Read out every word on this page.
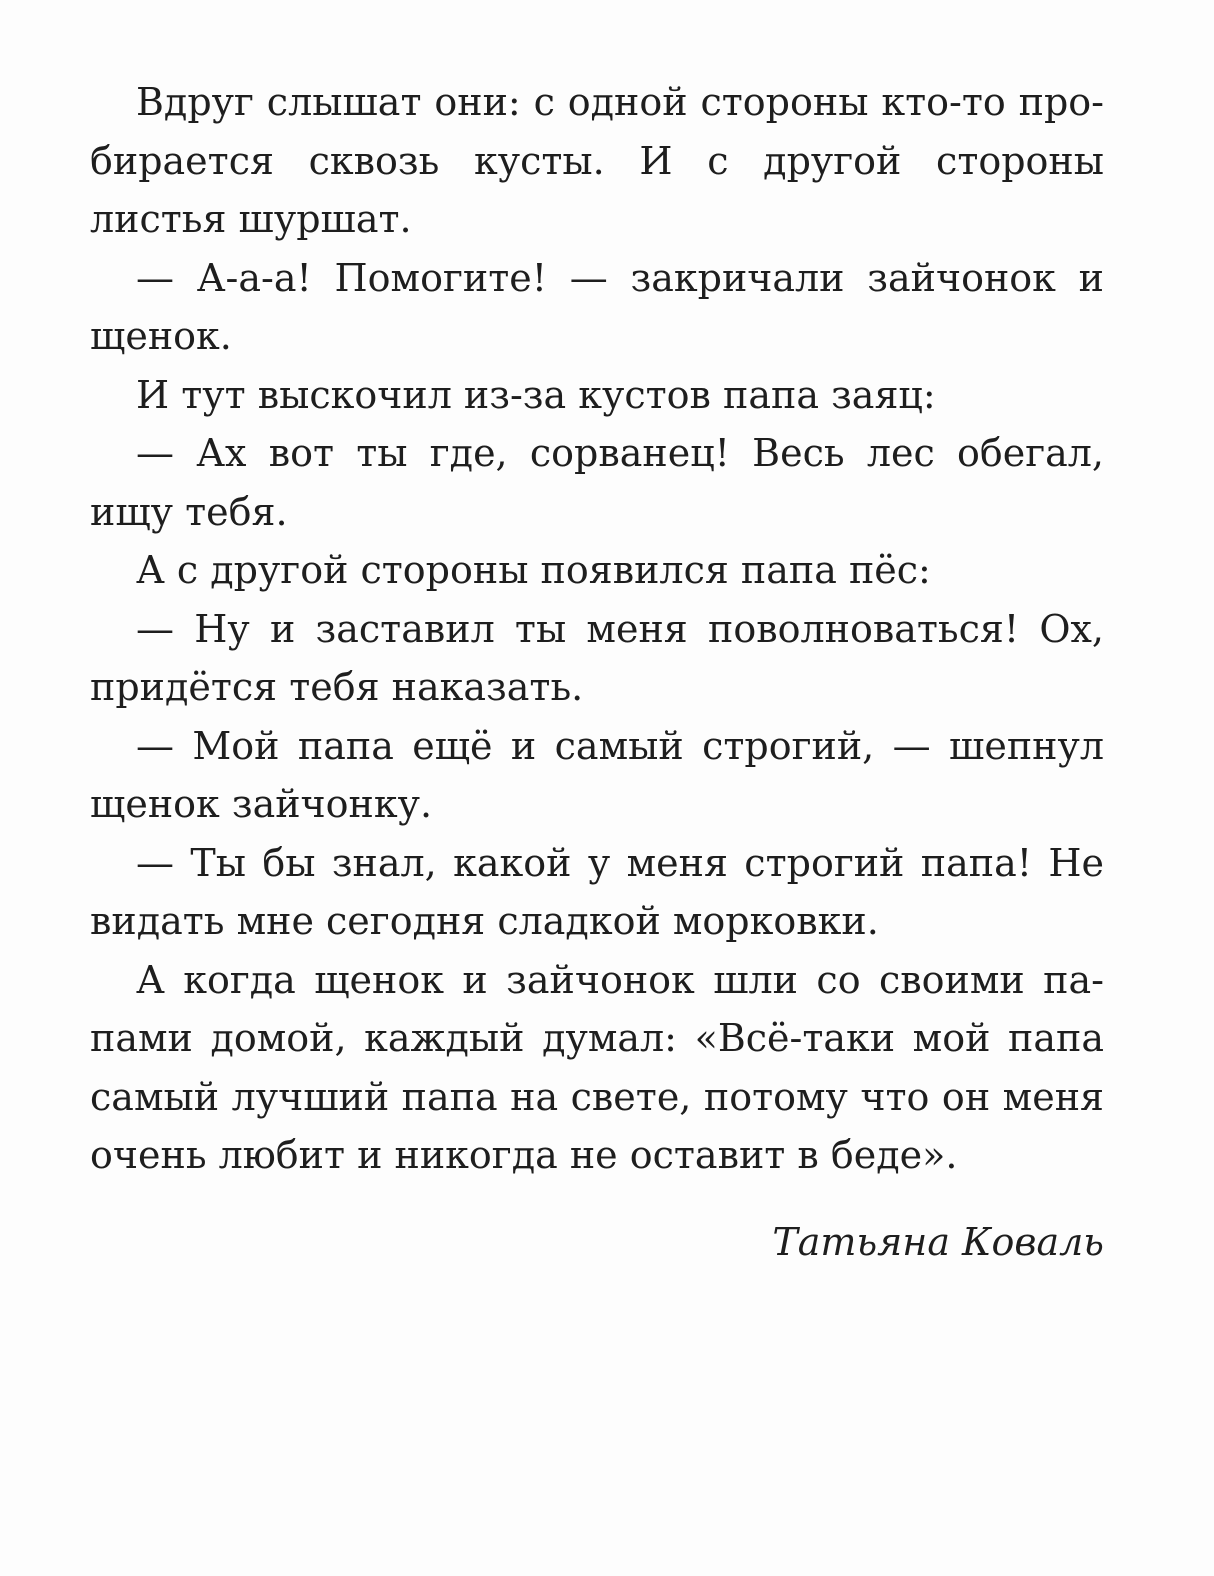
Вдруг слышат они: с одной стороны кто-то пробирается сквозь кусты. И с другой стороны листья шуршат.

— А-а-а! Помогите! — закричали зайчонок и щенок.

И тут выскочил из-за кустов папа заяц:

— Ах вот ты где, сорванец! Весь лес обегал, ищу тебя.

А с другой стороны появился папа пёс:

— Ну и заставил ты меня поволноваться! Ох, придётся тебя наказать.

— Мой папа ещё и самый строгий, — шепнул щенок зайчонку.

— Ты бы знал, какой у меня строгий папа! Не видать мне сегодня сладкой морковки.

А когда щенок и зайчонок шли со своими папами домой, каждый думал: «Всё-таки мой папа самый лучший папа на свете, потому что он меня очень любит и никогда не оставит в беде».

Татьяна Коваль
